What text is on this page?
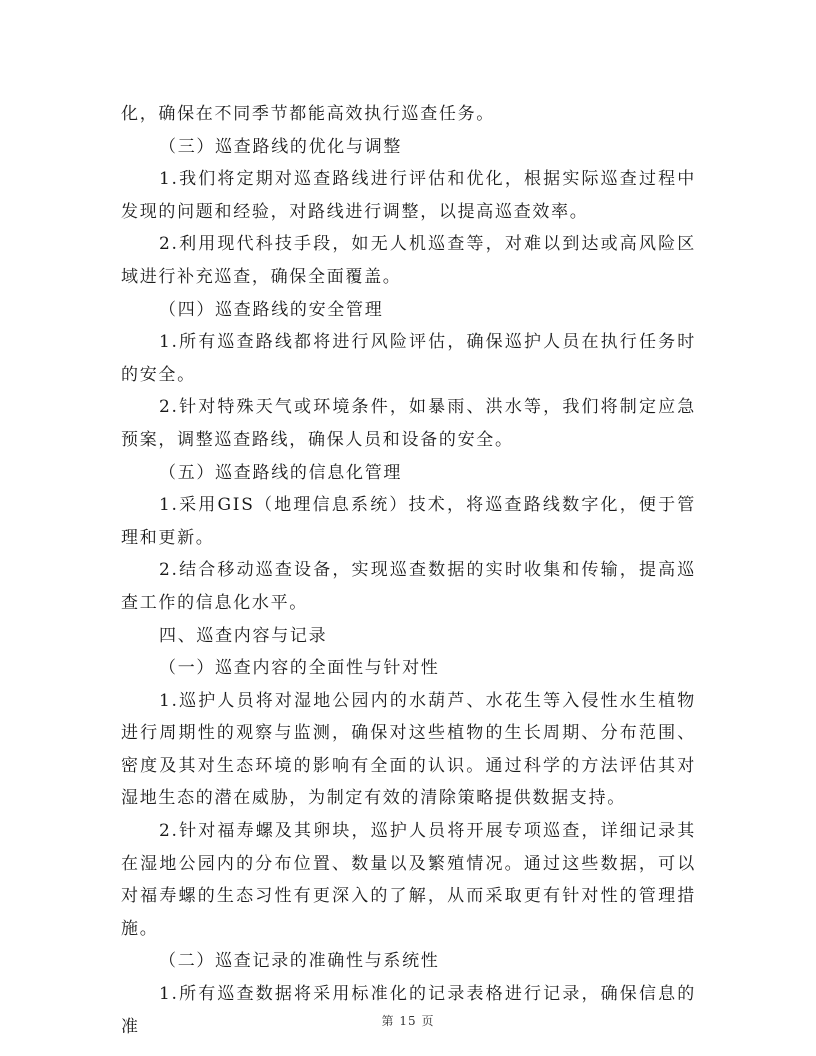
化，确保在不同季节都能高效执行巡查任务。

（三）巡查路线的优化与调整

1.我们将定期对巡查路线进行评估和优化，根据实际巡查过程中发现的问题和经验，对路线进行调整，以提高巡查效率。

2.利用现代科技手段，如无人机巡查等，对难以到达或高风险区域进行补充巡查，确保全面覆盖。

（四）巡查路线的安全管理

1.所有巡查路线都将进行风险评估，确保巡护人员在执行任务时的安全。

2.针对特殊天气或环境条件，如暴雨、洪水等，我们将制定应急预案，调整巡查路线，确保人员和设备的安全。

（五）巡查路线的信息化管理

1.采用GIS（地理信息系统）技术，将巡查路线数字化，便于管理和更新。

2.结合移动巡查设备，实现巡查数据的实时收集和传输，提高巡查工作的信息化水平。

四、巡查内容与记录

（一）巡查内容的全面性与针对性

1.巡护人员将对湿地公园内的水葫芦、水花生等入侵性水生植物进行周期性的观察与监测，确保对这些植物的生长周期、分布范围、密度及其对生态环境的影响有全面的认识。通过科学的方法评估其对湿地生态的潜在威胁，为制定有效的清除策略提供数据支持。

2.针对福寿螺及其卵块，巡护人员将开展专项巡查，详细记录其在湿地公园内的分布位置、数量以及繁殖情况。通过这些数据，可以对福寿螺的生态习性有更深入的了解，从而采取更有针对性的管理措施。

（二）巡查记录的准确性与系统性

1.所有巡查数据将采用标准化的记录表格进行记录，确保信息的准	第 15 页
